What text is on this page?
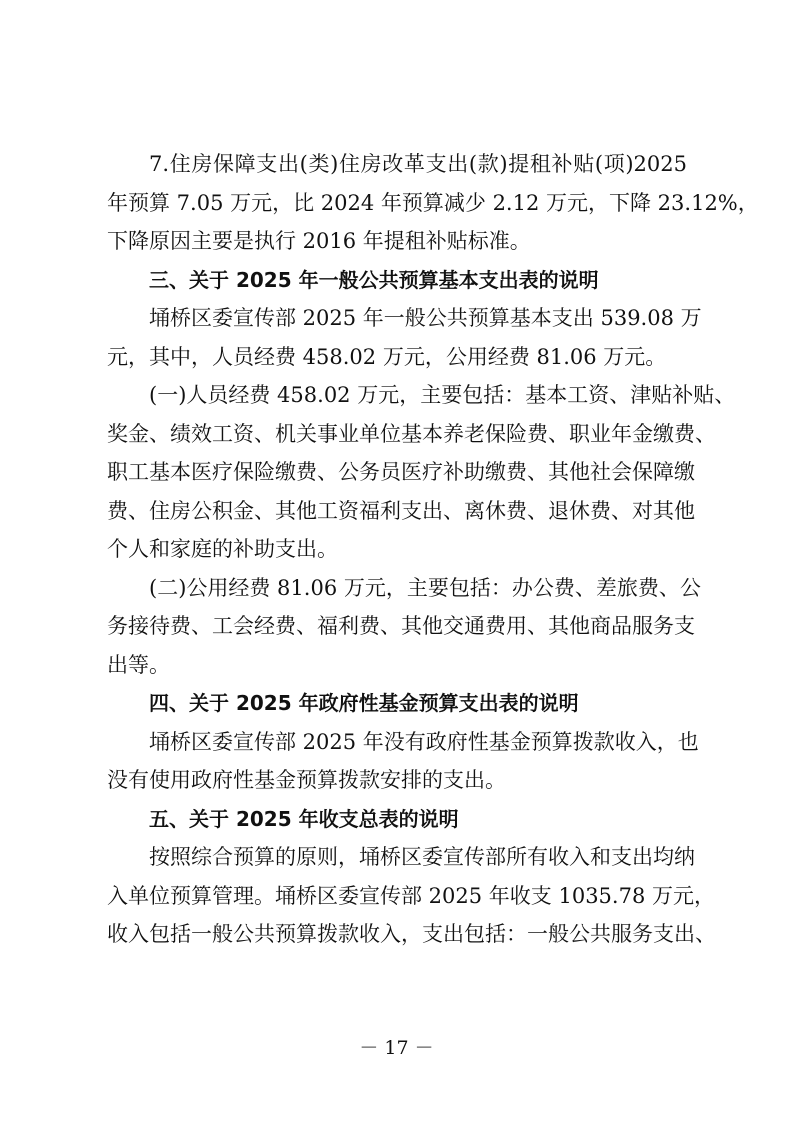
7.住房保障支出(类)住房改革支出(款)提租补贴(项)2025
年预算 7.05 万元，比 2024 年预算减少 2.12 万元，下降 23.12%，
下降原因主要是执行 2016 年提租补贴标准。
三、关于 2025 年一般公共预算基本支出表的说明
埇桥区委宣传部 2025 年一般公共预算基本支出 539.08 万
元，其中，人员经费 458.02 万元，公用经费 81.06 万元。
(一)人员经费 458.02 万元，主要包括：基本工资、津贴补贴、
奖金、绩效工资、机关事业单位基本养老保险费、职业年金缴费、
职工基本医疗保险缴费、公务员医疗补助缴费、其他社会保障缴
费、住房公积金、其他工资福利支出、离休费、退休费、对其他
个人和家庭的补助支出。
(二)公用经费 81.06 万元，主要包括：办公费、差旅费、公
务接待费、工会经费、福利费、其他交通费用、其他商品服务支
出等。
四、关于 2025 年政府性基金预算支出表的说明
埇桥区委宣传部 2025 年没有政府性基金预算拨款收入，也
没有使用政府性基金预算拨款安排的支出。
五、关于 2025 年收支总表的说明
按照综合预算的原则，埇桥区委宣传部所有收入和支出均纳
入单位预算管理。埇桥区委宣传部 2025 年收支 1035.78 万元，
收入包括一般公共预算拨款收入，支出包括：一般公共服务支出、
－ 17 －
